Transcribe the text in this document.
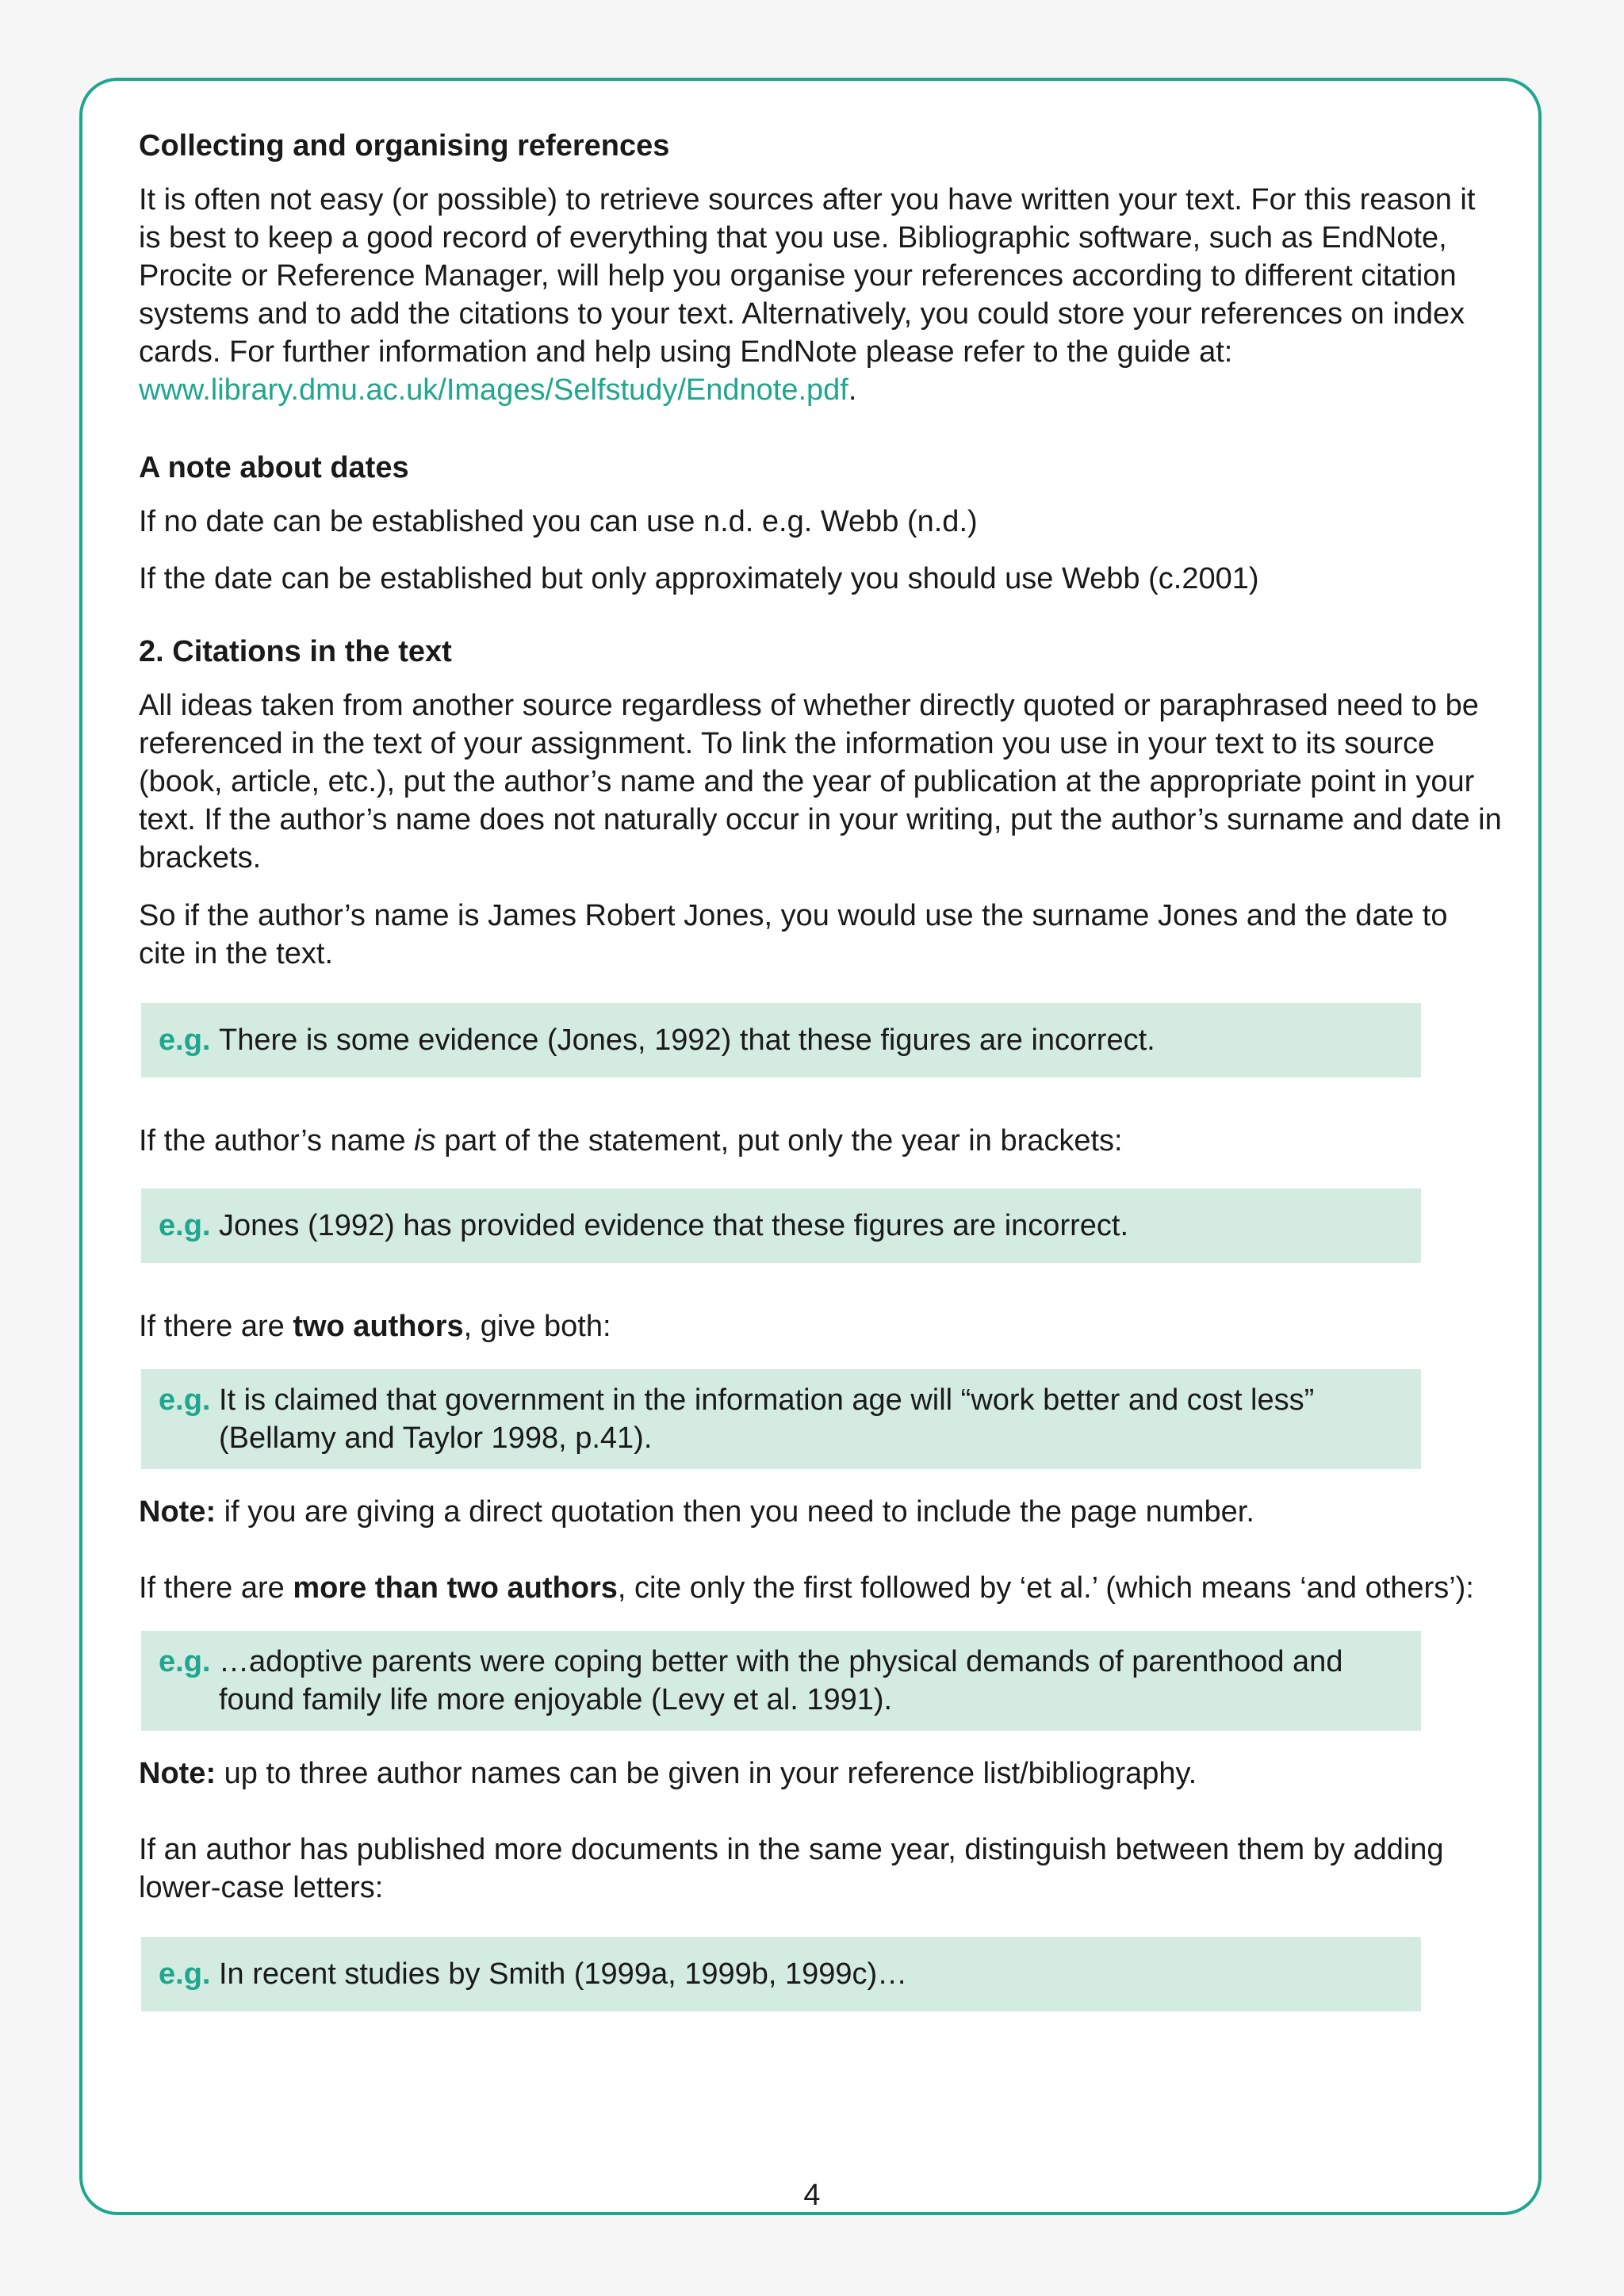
Collecting and organising references

It is often not easy (or possible) to retrieve sources after you have written your text. For this reason it is best to keep a good record of everything that you use. Bibliographic software, such as EndNote, Procite or Reference Manager, will help you organise your references according to different citation systems and to add the citations to your text. Alternatively, you could store your references on index cards. For further information and help using EndNote please refer to the guide at: www.library.dmu.ac.uk/Images/Selfstudy/Endnote.pdf.

A note about dates

If no date can be established you can use n.d. e.g. Webb (n.d.)

If the date can be established but only approximately you should use Webb (c.2001)

2. Citations in the text

All ideas taken from another source regardless of whether directly quoted or paraphrased need to be referenced in the text of your assignment. To link the information you use in your text to its source (book, article, etc.), put the author’s name and the year of publication at the appropriate point in your text. If the author’s name does not naturally occur in your writing, put the author’s surname and date in brackets.

So if the author’s name is James Robert Jones, you would use the surname Jones and the date to cite in the text.

e.g. There is some evidence (Jones, 1992) that these figures are incorrect.

If the author’s name is part of the statement, put only the year in brackets:

e.g. Jones (1992) has provided evidence that these figures are incorrect.

If there are two authors, give both:

e.g. It is claimed that government in the information age will “work better and cost less” (Bellamy and Taylor 1998, p.41).

Note: if you are giving a direct quotation then you need to include the page number.

If there are more than two authors, cite only the first followed by ‘et al.’ (which means ‘and others’):

e.g. …adoptive parents were coping better with the physical demands of parenthood and found family life more enjoyable (Levy et al. 1991).

Note: up to three author names can be given in your reference list/bibliography.

If an author has published more documents in the same year, distinguish between them by adding lower-case letters:

e.g. In recent studies by Smith (1999a, 1999b, 1999c)…
4
